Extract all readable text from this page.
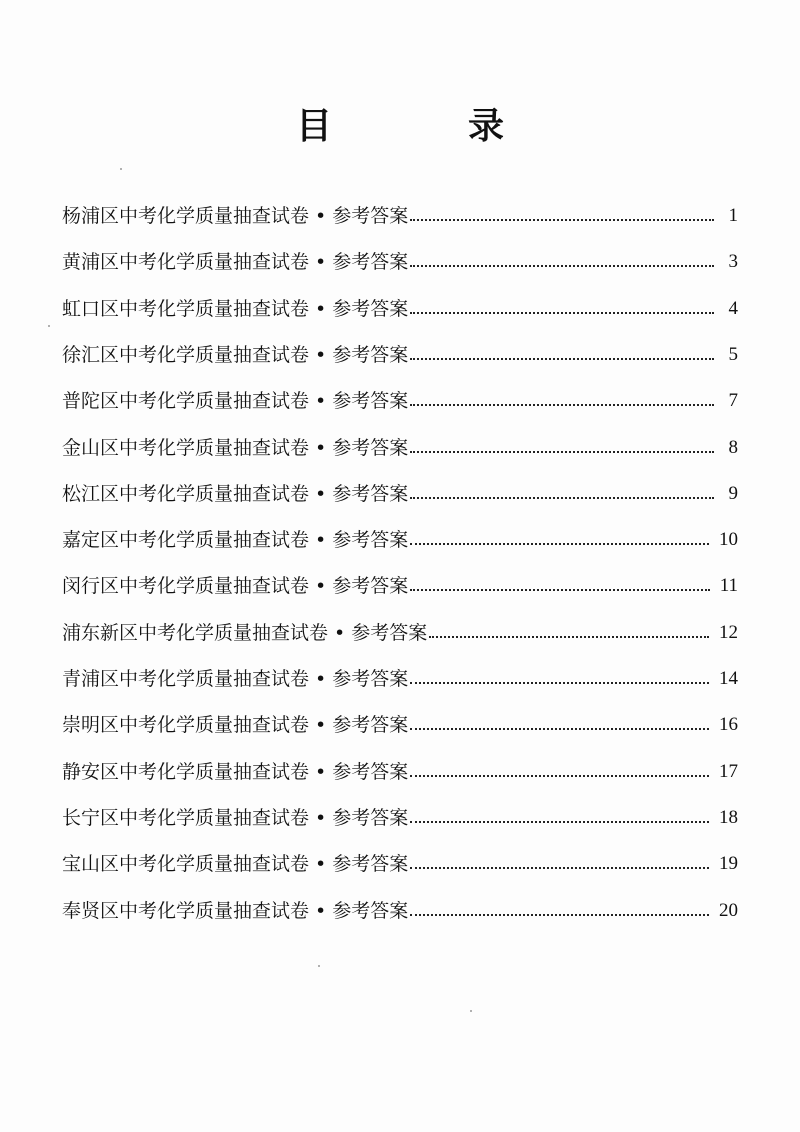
目　录
杨浦区中考化学质量抽查试卷 • 参考答案	1
黄浦区中考化学质量抽查试卷 • 参考答案	3
虹口区中考化学质量抽查试卷 • 参考答案	4
徐汇区中考化学质量抽查试卷 • 参考答案	5
普陀区中考化学质量抽查试卷 • 参考答案	7
金山区中考化学质量抽查试卷 • 参考答案	8
松江区中考化学质量抽查试卷 • 参考答案	9
嘉定区中考化学质量抽查试卷 • 参考答案	10
闵行区中考化学质量抽查试卷 • 参考答案	11
浦东新区中考化学质量抽查试卷 • 参考答案	12
青浦区中考化学质量抽查试卷 • 参考答案	14
崇明区中考化学质量抽查试卷 • 参考答案	16
静安区中考化学质量抽查试卷 • 参考答案	17
长宁区中考化学质量抽查试卷 • 参考答案	18
宝山区中考化学质量抽查试卷 • 参考答案	19
奉贤区中考化学质量抽查试卷 • 参考答案	20
